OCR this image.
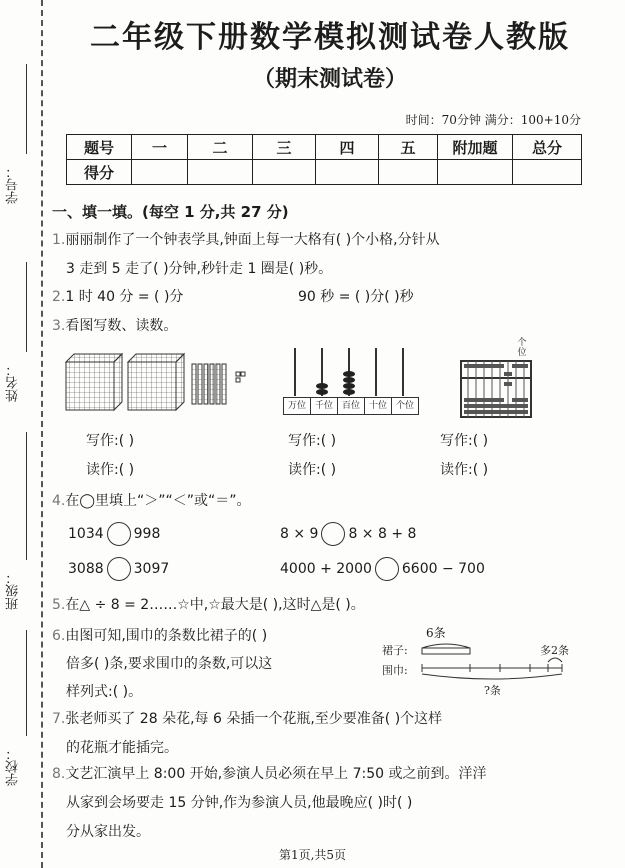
学号：
姓名：
班级：
学校：
二年级下册数学模拟测试卷人教版
（期末测试卷）
时间：70分钟 满分：100+10分
题号	一	二	三	四	五	附加题	总分
得分							
一、填一填。(每空 1 分,共 27 分)
1.丽丽制作了一个钟表学具,钟面上每一大格有( )个小格,分针从
3 走到 5 走了( )分钟,秒针走 1 圈是( )秒。
2.1 时 40 分 = ( )分	90 秒 = ( )分( )秒
3.看图写数、读数。
万位 千位 百位 十位 个位
个位
写作:( )	写作:( )	写作:( )
读作:( )	读作:( )	读作:( )
4.在◯里填上“＞”“＜”或“＝”。
1034 998	8 × 9 8 × 8 + 8
3088 3097	4000 + 2000 6600 − 700
5.在△ ÷ 8 = 2……☆中,☆最大是( ),这时△是( )。
6.由图可知,围巾的条数比裙子的( )
倍多( )条,要求围巾的条数,可以这
样列式:( )。
6条
裙子:
围巾:
多2条
?条
7.张老师买了 28 朵花,每 6 朵插一个花瓶,至少要准备( )个这样
的花瓶才能插完。
8.文艺汇演早上 8:00 开始,参演人员必须在早上 7:50 或之前到。洋洋
从家到会场要走 15 分钟,作为参演人员,他最晚应( )时( )
分从家出发。
第1页,共5页
